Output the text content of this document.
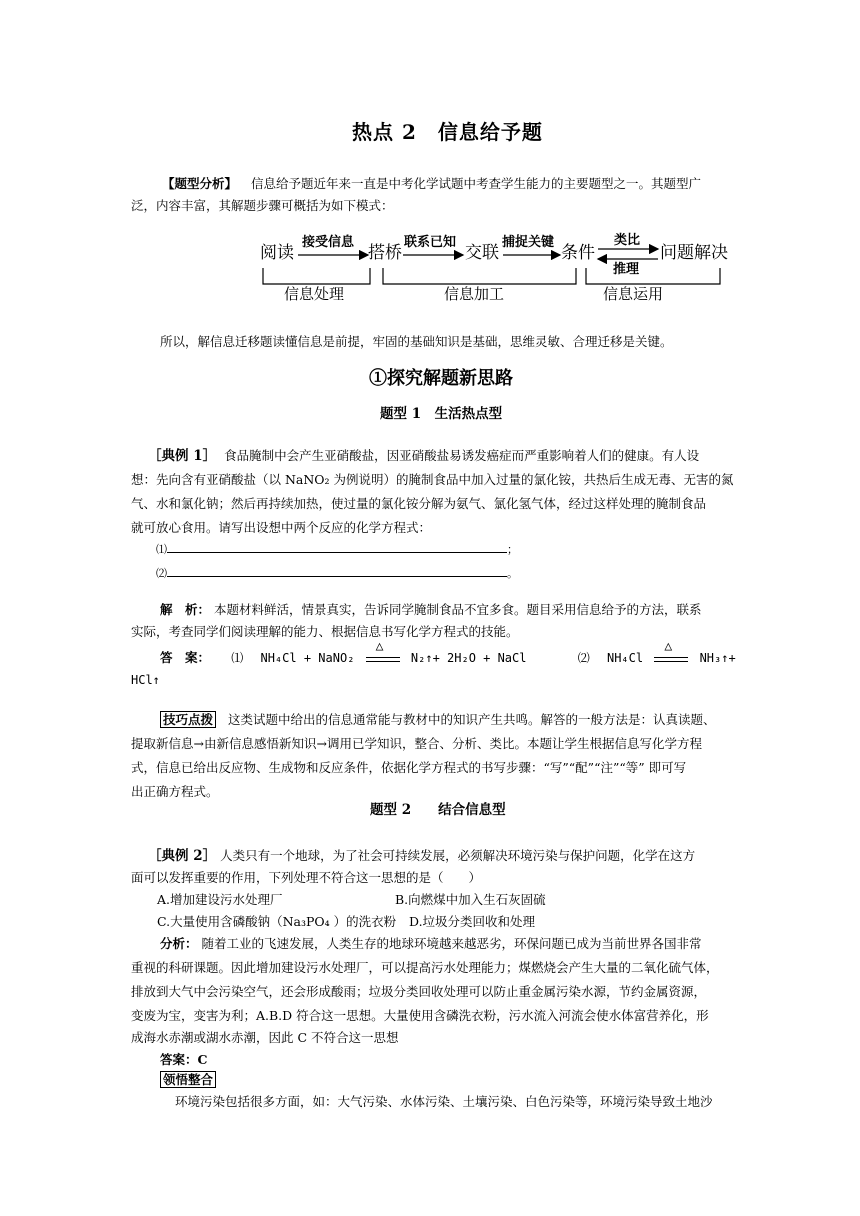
热点 2　信息给予题
【题型分析】 信息给予题近年来一直是中考化学试题中考查学生能力的主要题型之一。其题型广
泛，内容丰富，其解题步骤可概括为如下模式：
阅读
接受信息
搭桥
联系已知
交联
捕捉关键
条件
类比
推理
问题解决
信息处理	信息加工	信息运用
所以，解信息迁移题读懂信息是前提，牢固的基础知识是基础，思维灵敏、合理迁移是关键。
①探究解题新思路
题型 1　生活热点型
［典例 1］ 食品腌制中会产生亚硝酸盐，因亚硝酸盐易诱发癌症而严重影响着人们的健康。有人设
想：先向含有亚硝酸盐（以 NaNO₂ 为例说明）的腌制食品中加入过量的氯化铵，共热后生成无毒、无害的氮
气、水和氯化钠；然后再持续加热，使过量的氯化铵分解为氨气、氯化氢气体，经过这样处理的腌制食品
就可放心食用。请写出设想中两个反应的化学方程式：
⑴	；
⑵	。
解　析： 本题材料鲜活，情景真实，告诉同学腌制食品不宜多食。题目采用信息给予的方法，联系
实际，考查同学们阅读理解的能力、根据信息书写化学方程式的技能。
答　案： ⑴ NH₄Cl + NaNO₂
△
N₂↑+ 2H₂O + NaCl	⑵ NH₄Cl
△
NH₃↑+
HCl↑
技巧点拨 这类试题中给出的信息通常能与教材中的知识产生共鸣。解答的一般方法是：认真读题、
提取新信息→由新信息感悟新知识→调用已学知识，整合、分析、类比。本题让学生根据信息写化学方程
式，信息已给出反应物、生成物和反应条件，依据化学方程式的书写步骤：“写”“配”“注”“等” 即可写
出正确方程式。
题型 2　　结合信息型
［典例 2］ 人类只有一个地球，为了社会可持续发展，必须解决环境污染与保护问题，化学在这方
面可以发挥重要的作用，下列处理不符合这一思想的是（　　）
A.增加建设污水处理厂	B.向燃煤中加入生石灰固硫
C.大量使用含磷酸钠（Na₃PO₄ ）的洗衣粉 D.垃圾分类回收和处理
分析： 随着工业的飞速发展，人类生存的地球环境越来越恶劣，环保问题已成为当前世界各国非常
重视的科研课题。因此增加建设污水处理厂，可以提高污水处理能力；煤燃烧会产生大量的二氧化硫气体，
排放到大气中会污染空气，还会形成酸雨；垃圾分类回收处理可以防止重金属污染水源，节约金属资源，
变废为宝，变害为利；A.B.D 符合这一思想。大量使用含磷洗衣粉，污水流入河流会使水体富营养化，形
成海水赤潮或湖水赤潮，因此 C 不符合这一思想
答案：C
领悟整合
环境污染包括很多方面，如：大气污染、水体污染、土壤污染、白色污染等，环境污染导致土地沙
